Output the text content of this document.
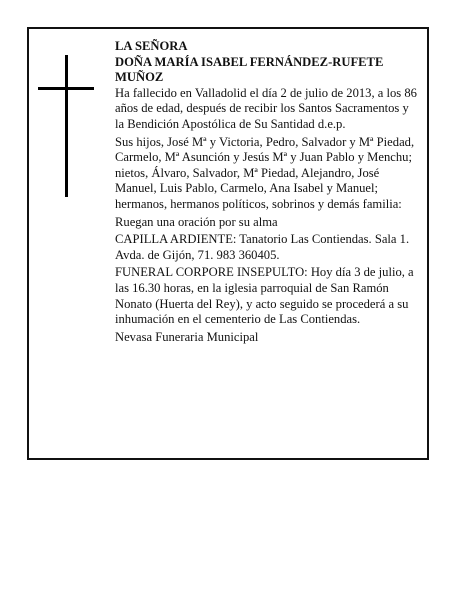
LA SEÑORA
DOÑA MARÍA ISABEL FERNÁNDEZ-RUFETE MUÑOZ

Ha fallecido en Valladolid el día 2 de julio de 2013, a los 86 años de edad, después de recibir los Santos Sacramentos y la Bendición Apostólica de Su Santidad d.e.p.

Sus hijos, José Mª y Victoria, Pedro, Salvador y Mª Piedad, Carmelo, Mª Asunción y Jesús Mª y Juan Pablo y Menchu; nietos, Álvaro, Salvador, Mª Piedad, Alejandro, José Manuel, Luis Pablo, Carmelo, Ana Isabel y Manuel; hermanos, hermanos políticos, sobrinos y demás familia:

Ruegan una oración por su alma

CAPILLA ARDIENTE: Tanatorio Las Contiendas. Sala 1. Avda. de Gijón, 71. 983 360405.

FUNERAL CORPORE INSEPULTO: Hoy día 3 de julio, a las 16.30 horas, en la iglesia parroquial de San Ramón Nonato (Huerta del Rey), y acto seguido se procederá a su inhumación en el cementerio de Las Contiendas.

Nevasa Funeraria Municipal
